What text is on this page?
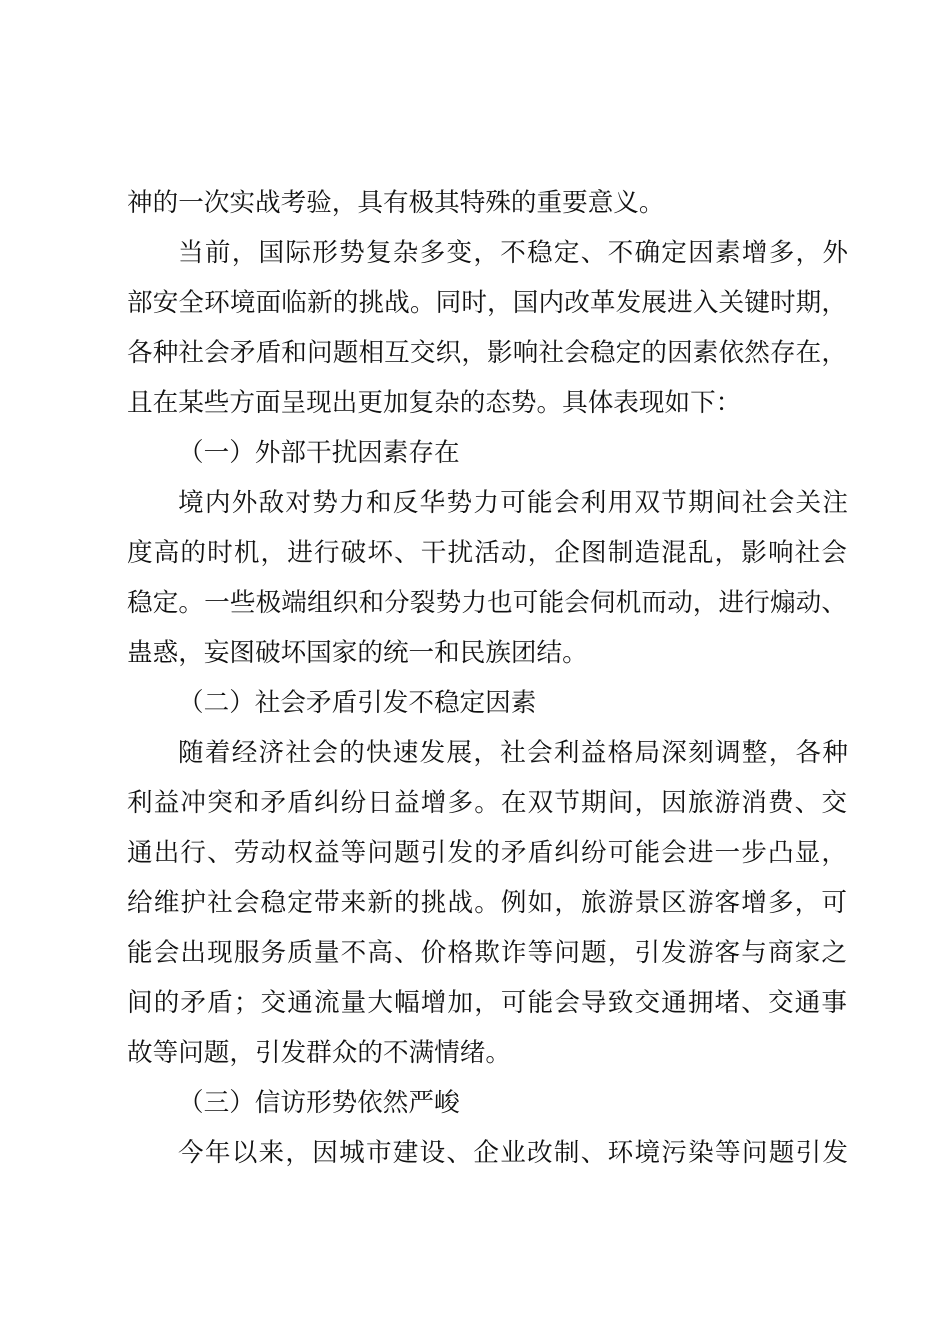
神的一次实战考验，具有极其特殊的重要意义。
当前，国际形势复杂多变，不稳定、不确定因素增多，外
部安全环境面临新的挑战。同时，国内改革发展进入关键时期，
各种社会矛盾和问题相互交织，影响社会稳定的因素依然存在，
且在某些方面呈现出更加复杂的态势。具体表现如下：
（一）外部干扰因素存在
境内外敌对势力和反华势力可能会利用双节期间社会关注
度高的时机，进行破坏、干扰活动，企图制造混乱，影响社会
稳定。一些极端组织和分裂势力也可能会伺机而动，进行煽动、
蛊惑，妄图破坏国家的统一和民族团结。
（二）社会矛盾引发不稳定因素
随着经济社会的快速发展，社会利益格局深刻调整，各种
利益冲突和矛盾纠纷日益增多。在双节期间，因旅游消费、交
通出行、劳动权益等问题引发的矛盾纠纷可能会进一步凸显，
给维护社会稳定带来新的挑战。例如，旅游景区游客增多，可
能会出现服务质量不高、价格欺诈等问题，引发游客与商家之
间的矛盾；交通流量大幅增加，可能会导致交通拥堵、交通事
故等问题，引发群众的不满情绪。
（三）信访形势依然严峻
今年以来，因城市建设、企业改制、环境污染等问题引发
